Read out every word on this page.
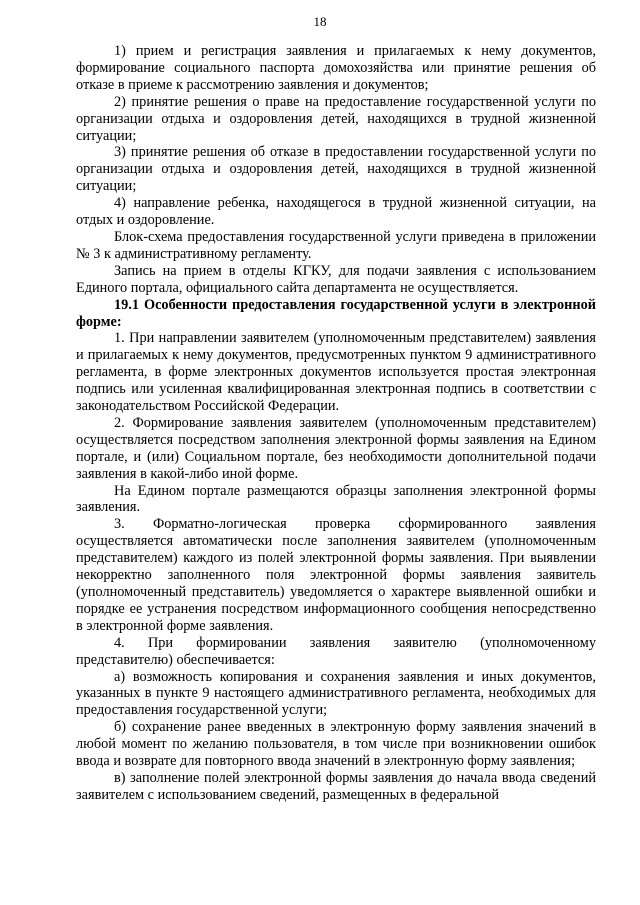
18

1) прием и регистрация заявления и прилагаемых к нему документов, формирование социального паспорта домохозяйства или принятие решения об отказе в приеме к рассмотрению заявления и документов;

2) принятие решения о праве на предоставление государственной услуги по организации отдыха и оздоровления детей, находящихся в трудной жизненной ситуации;

3) принятие решения об отказе в предоставлении государственной услуги по организации отдыха и оздоровления детей, находящихся в трудной жизненной ситуации;

4) направление ребенка, находящегося в трудной жизненной ситуации, на отдых и оздоровление.

Блок-схема предоставления государственной услуги приведена в приложении № 3 к административному регламенту.

Запись на прием в отделы КГКУ, для подачи заявления с использованием Единого портала, официального сайта департамента не осуществляется.

19.1 Особенности предоставления государственной услуги в электронной форме:

1. При направлении заявителем (уполномоченным представителем) заявления и прилагаемых к нему документов, предусмотренных пунктом 9 административного регламента, в форме электронных документов используется простая электронная подпись или усиленная квалифицированная электронная подпись в соответствии с законодательством Российской Федерации.

2. Формирование заявления заявителем (уполномоченным представителем) осуществляется посредством заполнения электронной формы заявления на Едином портале, и (или) Социальном портале, без необходимости дополнительной подачи заявления в какой-либо иной форме.

На Едином портале размещаются образцы заполнения электронной формы заявления.

3. Форматно-логическая проверка сформированного заявления осуществляется автоматически после заполнения заявителем (уполномоченным представителем) каждого из полей электронной формы заявления. При выявлении некорректно заполненного поля электронной формы заявления заявитель (уполномоченный представитель) уведомляется о характере выявленной ошибки и порядке ее устранения посредством информационного сообщения непосредственно в электронной форме заявления.

4. При формировании заявления заявителю (уполномоченному представителю) обеспечивается:

а) возможность копирования и сохранения заявления и иных документов, указанных в пункте 9 настоящего административного регламента, необходимых для предоставления государственной услуги;

б) сохранение ранее введенных в электронную форму заявления значений в любой момент по желанию пользователя, в том числе при возникновении ошибок ввода и возврате для повторного ввода значений в электронную форму заявления;

в) заполнение полей электронной формы заявления до начала ввода сведений заявителем с использованием сведений, размещенных в федеральной
